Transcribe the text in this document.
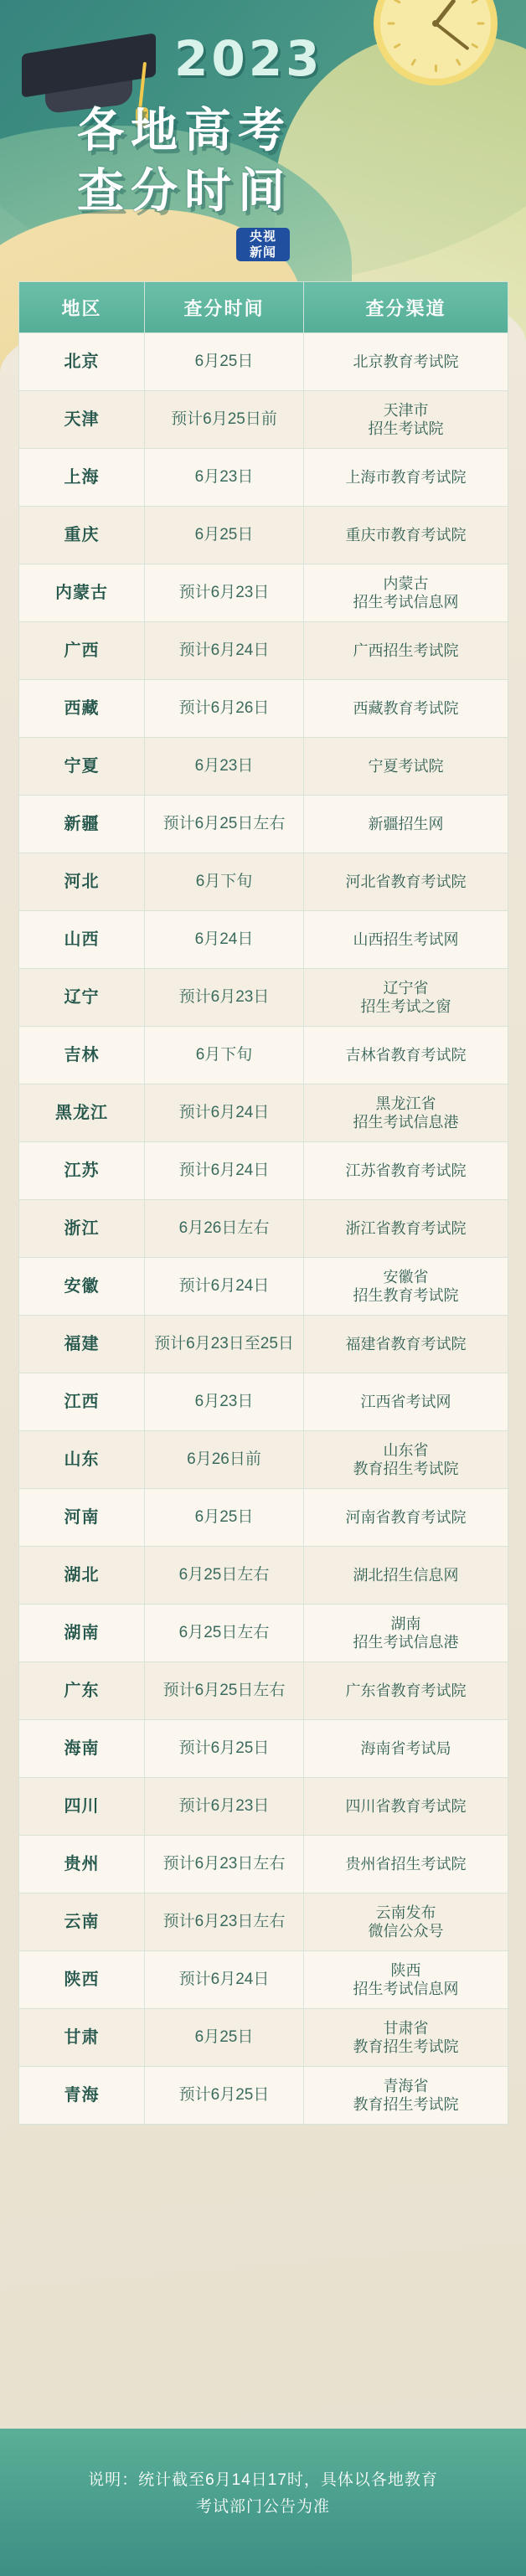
2023
各地高考
查分时间
央视
新闻
地区	查分时间	查分渠道
北京	6月25日	北京教育考试院
天津	预计6月25日前	天津市
招生考试院

上海	6月23日	上海市教育考试院
重庆	6月25日	重庆市教育考试院
内蒙古	预计6月23日	内蒙古
招生考试信息网

广西	预计6月24日	广西招生考试院
西藏	预计6月26日	西藏教育考试院
宁夏	6月23日	宁夏考试院
新疆	预计6月25日左右	新疆招生网
河北	6月下旬	河北省教育考试院
山西	6月24日	山西招生考试网
辽宁	预计6月23日	辽宁省
招生考试之窗

吉林	6月下旬	吉林省教育考试院
黑龙江	预计6月24日	黑龙江省
招生考试信息港

江苏	预计6月24日	江苏省教育考试院
浙江	6月26日左右	浙江省教育考试院
安徽	预计6月24日	安徽省
招生教育考试院

福建	预计6月23日至25日	福建省教育考试院
江西	6月23日	江西省考试网
山东	6月26日前	山东省
教育招生考试院

河南	6月25日	河南省教育考试院
湖北	6月25日左右	湖北招生信息网
湖南	6月25日左右	湖南
招生考试信息港

广东	预计6月25日左右	广东省教育考试院
海南	预计6月25日	海南省考试局
四川	预计6月23日	四川省教育考试院
贵州	预计6月23日左右	贵州省招生考试院
云南	预计6月23日左右	云南发布
微信公众号

陕西	预计6月24日	陕西
招生考试信息网

甘肃	6月25日	甘肃省
教育招生考试院

青海	预计6月25日	青海省
教育招生考试院
说明：统计截至6月14日17时，具体以各地教育
考试部门公告为准
